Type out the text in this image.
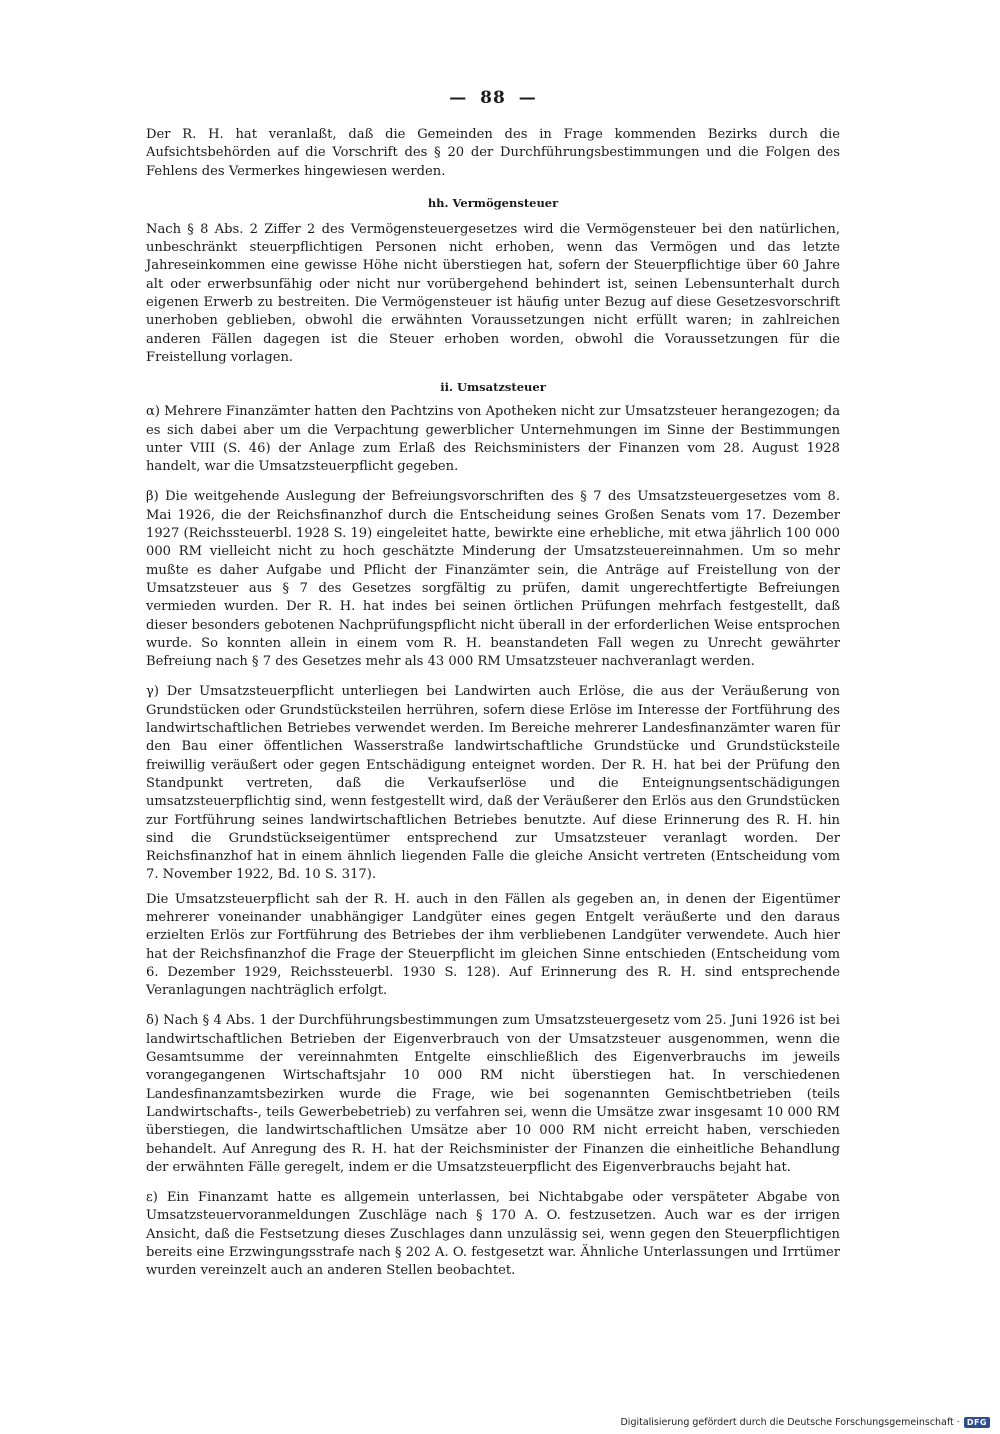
— 88 —

Der R. H. hat veranlaßt, daß die Gemeinden des in Frage kommenden Bezirks durch die Aufsichtsbehörden auf die Vorschrift des § 20 der Durchführungsbestimmungen und die Folgen des Fehlens des Vermerkes hingewiesen werden.

hh. Vermögensteuer

Nach § 8 Abs. 2 Ziffer 2 des Vermögensteuergesetzes wird die Vermögensteuer bei den natürlichen, unbeschränkt steuerpflichtigen Personen nicht erhoben, wenn das Vermögen und das letzte Jahreseinkommen eine gewisse Höhe nicht überstiegen hat, sofern der Steuerpflichtige über 60 Jahre alt oder erwerbsunfähig oder nicht nur vorübergehend behindert ist, seinen Lebensunterhalt durch eigenen Erwerb zu bestreiten. Die Vermögensteuer ist häufig unter Bezug auf diese Gesetzesvorschrift unerhoben geblieben, obwohl die erwähnten Voraussetzungen nicht erfüllt waren; in zahlreichen anderen Fällen dagegen ist die Steuer erhoben worden, obwohl die Voraussetzungen für die Freistellung vorlagen.

ii. Umsatzsteuer

α) Mehrere Finanzämter hatten den Pachtzins von Apotheken nicht zur Umsatzsteuer herangezogen; da es sich dabei aber um die Verpachtung gewerblicher Unternehmungen im Sinne der Bestimmungen unter VIII (S. 46) der Anlage zum Erlaß des Reichsministers der Finanzen vom 28. August 1928 handelt, war die Umsatzsteuerpflicht gegeben.

β) Die weitgehende Auslegung der Befreiungsvorschriften des § 7 des Umsatzsteuergesetzes vom 8. Mai 1926, die der Reichsfinanzhof durch die Entscheidung seines Großen Senats vom 17. Dezember 1927 (Reichssteuerbl. 1928 S. 19) eingeleitet hatte, bewirkte eine erhebliche, mit etwa jährlich 100 000 000 RM vielleicht nicht zu hoch geschätzte Minderung der Umsatzsteuereinnahmen. Um so mehr mußte es daher Aufgabe und Pflicht der Finanzämter sein, die Anträge auf Freistellung von der Umsatzsteuer aus § 7 des Gesetzes sorgfältig zu prüfen, damit ungerechtfertigte Befreiungen vermieden wurden. Der R. H. hat indes bei seinen örtlichen Prüfungen mehrfach festgestellt, daß dieser besonders gebotenen Nachprüfungspflicht nicht überall in der erforderlichen Weise entsprochen wurde. So konnten allein in einem vom R. H. beanstandeten Fall wegen zu Unrecht gewährter Befreiung nach § 7 des Gesetzes mehr als 43 000 RM Umsatzsteuer nachveranlagt werden.

γ) Der Umsatzsteuerpflicht unterliegen bei Landwirten auch Erlöse, die aus der Veräußerung von Grundstücken oder Grundstücksteilen herrühren, sofern diese Erlöse im Interesse der Fortführung des landwirtschaftlichen Betriebes verwendet werden. Im Bereiche mehrerer Landesfinanzämter waren für den Bau einer öffentlichen Wasserstraße landwirtschaftliche Grundstücke und Grundstücksteile freiwillig veräußert oder gegen Entschädigung enteignet worden. Der R. H. hat bei der Prüfung den Standpunkt vertreten, daß die Verkaufserlöse und die Enteignungsentschädigungen umsatzsteuerpflichtig sind, wenn festgestellt wird, daß der Veräußerer den Erlös aus den Grundstücken zur Fortführung seines landwirtschaftlichen Betriebes benutzte. Auf diese Erinnerung des R. H. hin sind die Grundstückseigentümer entsprechend zur Umsatzsteuer veranlagt worden. Der Reichsfinanzhof hat in einem ähnlich liegenden Falle die gleiche Ansicht vertreten (Entscheidung vom 7. November 1922, Bd. 10 S. 317).

Die Umsatzsteuerpflicht sah der R. H. auch in den Fällen als gegeben an, in denen der Eigentümer mehrerer voneinander unabhängiger Landgüter eines gegen Entgelt veräußerte und den daraus erzielten Erlös zur Fortführung des Betriebes der ihm verbliebenen Landgüter verwendete. Auch hier hat der Reichsfinanzhof die Frage der Steuerpflicht im gleichen Sinne entschieden (Entscheidung vom 6. Dezember 1929, Reichssteuerbl. 1930 S. 128). Auf Erinnerung des R. H. sind entsprechende Veranlagungen nachträglich erfolgt.

δ) Nach § 4 Abs. 1 der Durchführungsbestimmungen zum Umsatzsteuergesetz vom 25. Juni 1926 ist bei landwirtschaftlichen Betrieben der Eigenverbrauch von der Umsatzsteuer ausgenommen, wenn die Gesamtsumme der vereinnahmten Entgelte einschließlich des Eigenverbrauchs im jeweils vorangegangenen Wirtschaftsjahr 10 000 RM nicht überstiegen hat. In verschiedenen Landesfinanzamtsbezirken wurde die Frage, wie bei sogenannten Gemischtbetrieben (teils Landwirtschafts-, teils Gewerbebetrieb) zu verfahren sei, wenn die Umsätze zwar insgesamt 10 000 RM überstiegen, die landwirtschaftlichen Umsätze aber 10 000 RM nicht erreicht haben, verschieden behandelt. Auf Anregung des R. H. hat der Reichsminister der Finanzen die einheitliche Behandlung der erwähnten Fälle geregelt, indem er die Umsatzsteuerpflicht des Eigenverbrauchs bejaht hat.

ε) Ein Finanzamt hatte es allgemein unterlassen, bei Nichtabgabe oder verspäteter Abgabe von Umsatzsteuervoranmeldungen Zuschläge nach § 170 A. O. festzusetzen. Auch war es der irrigen Ansicht, daß die Festsetzung dieses Zuschlages dann unzulässig sei, wenn gegen den Steuerpflichtigen bereits eine Erzwingungsstrafe nach § 202 A. O. festgesetzt war. Ähnliche Unterlassungen und Irrtümer wurden vereinzelt auch an anderen Stellen beobachtet.

Digitalisierung gefördert durch die Deutsche Forschungsgemeinschaft · DFG
